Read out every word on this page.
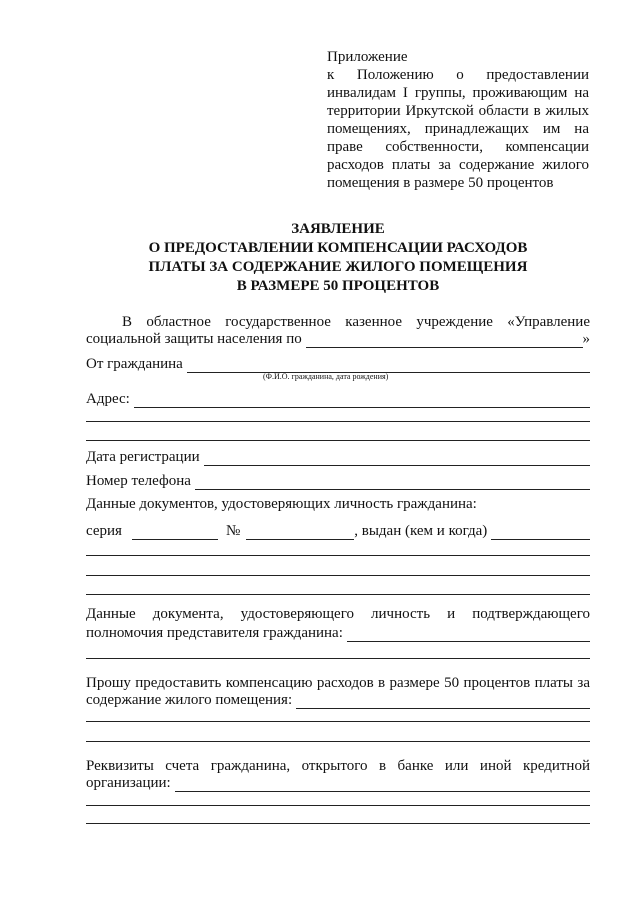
Приложение
к Положению о предоставлении
инвалидам I группы, проживающим на
территории Иркутской области в жилых
помещениях, принадлежащих им на
праве собственности, компенсации
расходов платы за содержание жилого
помещения в размере 50 процентов
ЗАЯВЛЕНИЕ
О ПРЕДОСТАВЛЕНИИ КОМПЕНСАЦИИ РАСХОДОВ
ПЛАТЫ ЗА СОДЕРЖАНИЕ ЖИЛОГО ПОМЕЩЕНИЯ
В РАЗМЕРЕ 50 ПРОЦЕНТОВ
В областное государственное казенное учреждение «Управление
социальной защиты населения по	»
От гражданина
(Ф.И.О. гражданина, дата рождения)
Адрес:
Дата регистрации
Номер телефона
Данные документов, удостоверяющих личность гражданина:
серия	№	, выдан (кем и когда)
Данные документа, удостоверяющего личность и подтверждающего
полномочия представителя гражданина:
Прошу предоставить компенсацию расходов в размере 50 процентов платы за
содержание жилого помещения:
Реквизиты счета гражданина, открытого в банке или иной кредитной
организации:
